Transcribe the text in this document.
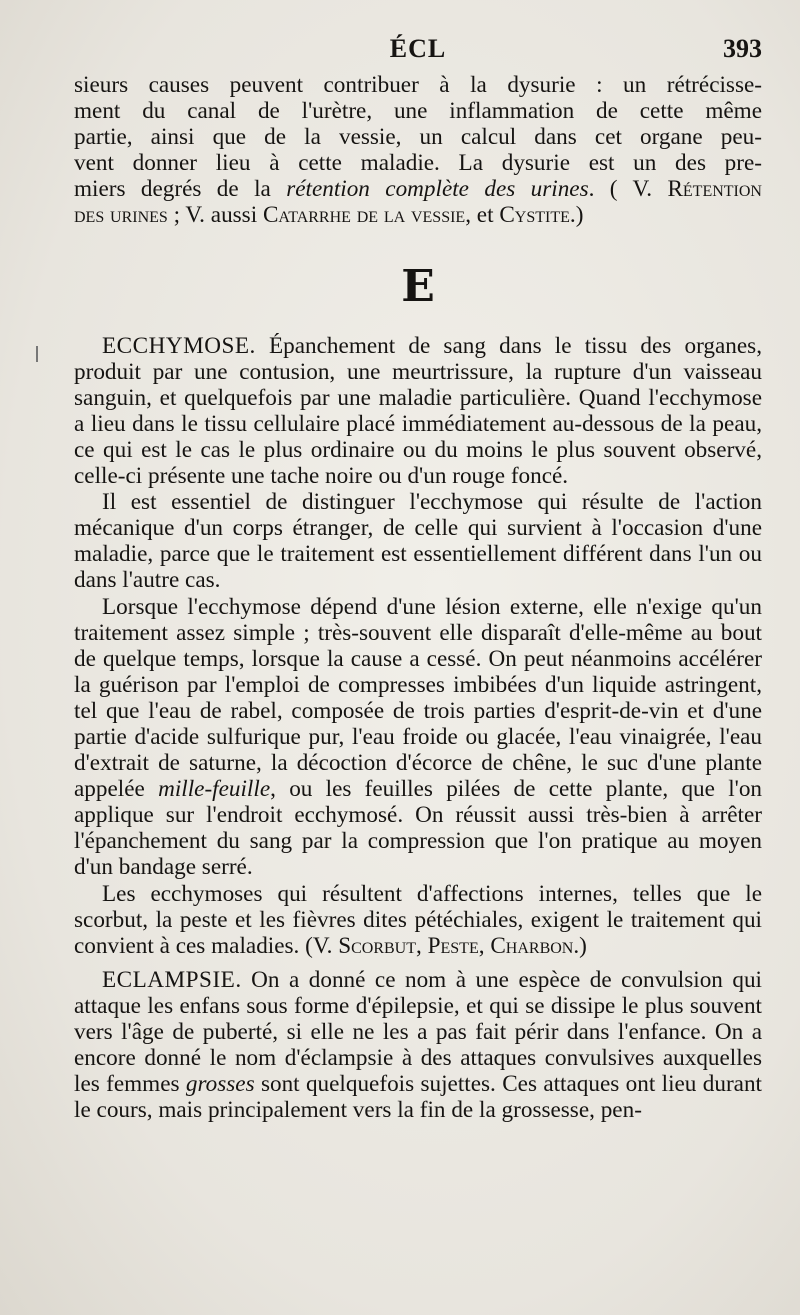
ÉCL	393

sieurs causes peuvent contribuer à la dysurie : un rétrécisse-

ment du canal de l'urètre, une inflammation de cette même

partie, ainsi que de la vessie, un calcul dans cet organe peu-

vent donner lieu à cette maladie. La dysurie est un des pre-

miers degrés de la rétention complète des urines. ( V. Rétention

des urines ; V. aussi Catarrhe de la vessie, et Cystite.)

E

ECCHYMOSE. Épanchement de sang dans le tissu des organes, produit par une contusion, une meurtrissure, la rupture d'un vaisseau sanguin, et quelquefois par une maladie particulière. Quand l'ecchymose a lieu dans le tissu cellulaire placé immédiatement au-dessous de la peau, ce qui est le cas le plus ordinaire ou du moins le plus souvent observé, celle-ci présente une tache noire ou d'un rouge foncé.

Il est essentiel de distinguer l'ecchymose qui résulte de l'action mécanique d'un corps étranger, de celle qui survient à l'occasion d'une maladie, parce que le traitement est essentiellement différent dans l'un ou dans l'autre cas.

Lorsque l'ecchymose dépend d'une lésion externe, elle n'exige qu'un traitement assez simple ; très-souvent elle disparaît d'elle-même au bout de quelque temps, lorsque la cause a cessé. On peut néanmoins accélérer la guérison par l'emploi de compresses imbibées d'un liquide astringent, tel que l'eau de rabel, composée de trois parties d'esprit-de-vin et d'une partie d'acide sulfurique pur, l'eau froide ou glacée, l'eau vinaigrée, l'eau d'extrait de saturne, la décoction d'écorce de chêne, le suc d'une plante appelée mille-feuille, ou les feuilles pilées de cette plante, que l'on applique sur l'endroit ecchymosé. On réussit aussi très-bien à arrêter l'épanchement du sang par la compression que l'on pratique au moyen d'un bandage serré.

Les ecchymoses qui résultent d'affections internes, telles que le scorbut, la peste et les fièvres dites pétéchiales, exigent le traitement qui convient à ces maladies. (V. Scorbut, Peste, Charbon.)

ECLAMPSIE. On a donné ce nom à une espèce de convulsion qui attaque les enfans sous forme d'épilepsie, et qui se dissipe le plus souvent vers l'âge de puberté, si elle ne les a pas fait périr dans l'enfance. On a encore donné le nom d'éclampsie à des attaques convulsives auxquelles les femmes grosses sont quelquefois sujettes. Ces attaques ont lieu durant le cours, mais principalement vers la fin de la grossesse, pen-
